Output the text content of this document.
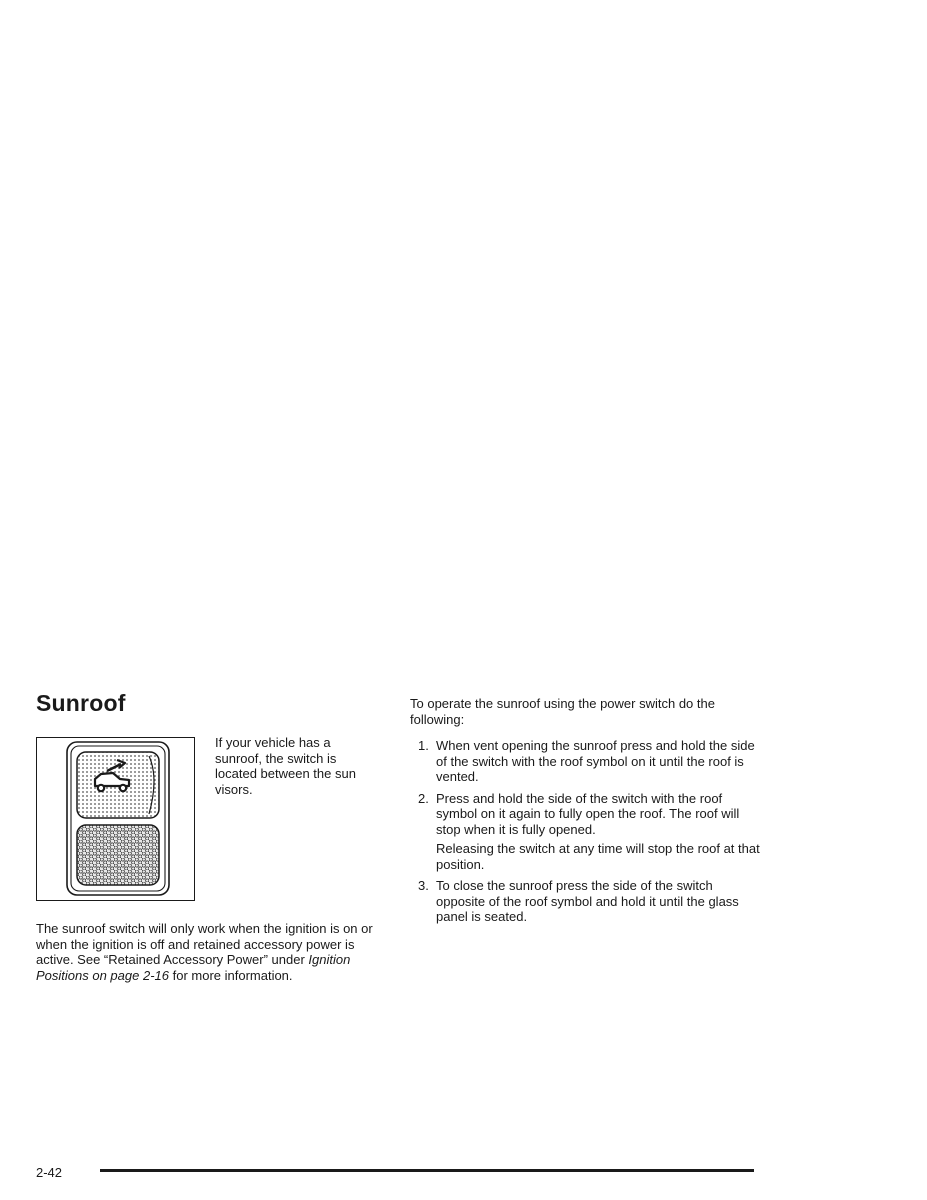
Sunroof
If your vehicle has a sunroof, the switch is located between the sun visors.

The sunroof switch will only work when the ignition is on or when the ignition is off and retained accessory power is active. See “Retained Accessory Power” under Ignition Positions on page 2-16 for more information.

To operate the sunroof using the power switch do the following:

1. When vent opening the sunroof press and hold the side of the switch with the roof symbol on it until the roof is vented.
2. Press and hold the side of the switch with the roof symbol on it again to fully open the roof. The roof will stop when it is fully opened.
Releasing the switch at any time will stop the roof at that position.
3. To close the sunroof press the side of the switch opposite of the roof symbol and hold it until the glass panel is seated.
2-42
